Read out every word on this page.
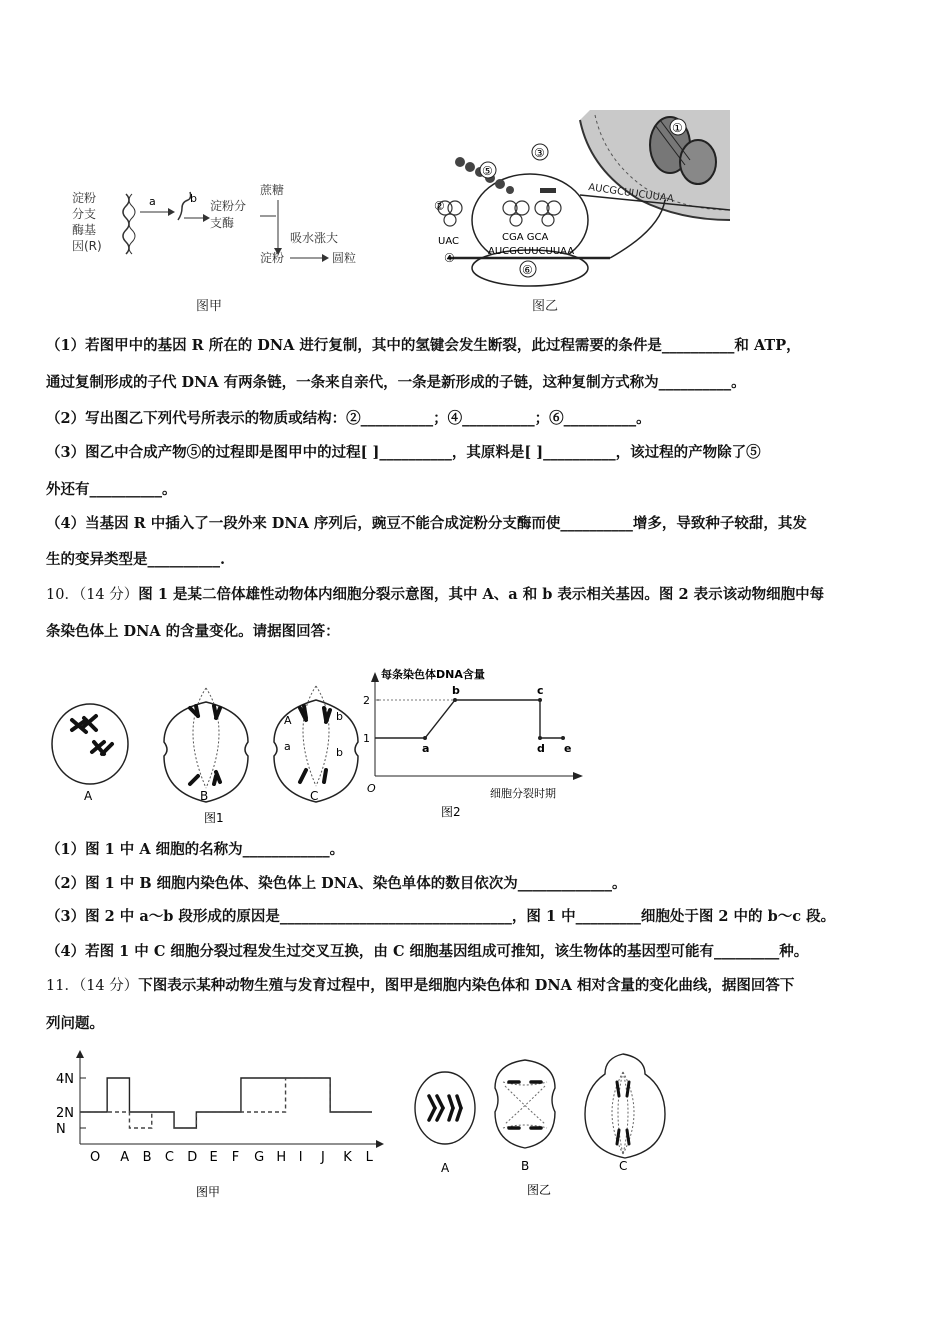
淀粉
分支
酶基
因(R)
a	b
淀粉分
支酶
蔗糖
吸水涨大
淀粉	圆粒
图甲
①
AUCGCUUCUUAA
⑥
AUCGCUUCUUAA
④
②
UAC	CGA GCA
⑤
③
图乙
（1）若图甲中的基因 R 所在的 DNA 进行复制，其中的氢键会发生断裂，此过程需要的条件是__________和 ATP，
通过复制形成的子代 DNA 有两条链，一条来自亲代，一条是新形成的子链，这种复制方式称为__________。
（2）写出图乙下列代号所表示的物质或结构：②__________；④__________；⑥__________。
（3）图乙中合成产物⑤的过程即是图甲中的过程[ ]__________，其原料是[ ]__________，该过程的产物除了⑤
外还有__________。
（4）当基因 R 中插入了一段外来 DNA 序列后，豌豆不能合成淀粉分支酶而使__________增多，导致种子较甜，其发
生的变异类型是__________.
10．（14 分）图 1 是某二倍体雄性动物体内细胞分裂示意图，其中 A、a 和 b 表示相关基因。图 2 表示该动物细胞中每
条染色体上 DNA 的含量变化。请据图回答：
A	B
A	b
a	b
C
图1
每条染色体DNA含量
O	细胞分裂时期
图2
1
2
a
b	c
d e
（1）图 1 中 A 细胞的名称为____________。
（2）图 1 中 B 细胞内染色体、染色体上 DNA、染色单体的数目依次为_____________。
（3）图 2 中 a～b 段形成的原因是________________________________，图 1 中_________细胞处于图 2 中的 b～c 段。
（4）若图 1 中 C 细胞分裂过程发生过交叉互换，由 C 细胞基因组成可推知，该生物体的基因型可能有_________种。
11．（14 分）下图表示某种动物生殖与发育过程中，图甲是细胞内染色体和 DNA 相对含量的变化曲线，据图回答下
列问题。
4N
2N
N
O A B C D E F G H I J K L
图甲
A	B	C
图乙
